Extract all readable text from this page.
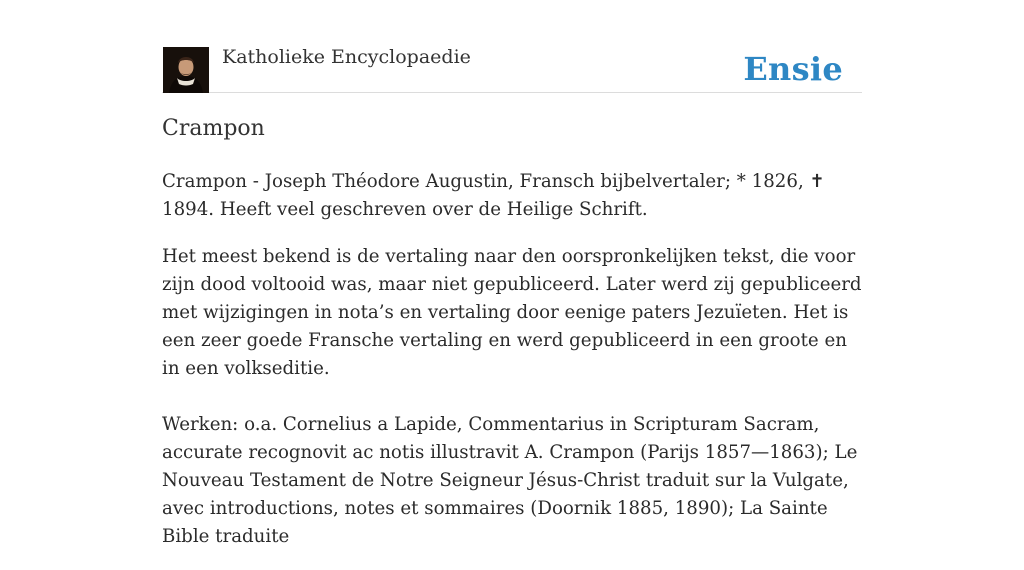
Katholieke Encyclopaedie	Ensie
Crampon

Crampon - Joseph Théodore Augustin, Fransch bijbelvertaler; * 1826, ✝ 1894. Heeft veel geschreven over de Heilige Schrift.

Het meest bekend is de vertaling naar den oorspronkelijken tekst, die voor zijn dood voltooid was, maar niet gepubliceerd. Later werd zij gepubliceerd met wijzigingen in nota’s en vertaling door eenige paters Jezuïeten. Het is een zeer goede Fransche vertaling en werd gepubliceerd in een groote en in een volkseditie.

Werken: o.a. Cornelius a Lapide, Commentarius in Scripturam Sacram, accurate recognovit ac notis illustravit A. Crampon (Parijs 1857—1863); Le Nouveau Testament de Notre Seigneur Jésus-Christ traduit sur la Vulgate, avec introductions, notes et sommaires (Doornik 1885, 1890); La Sainte Bible traduite
